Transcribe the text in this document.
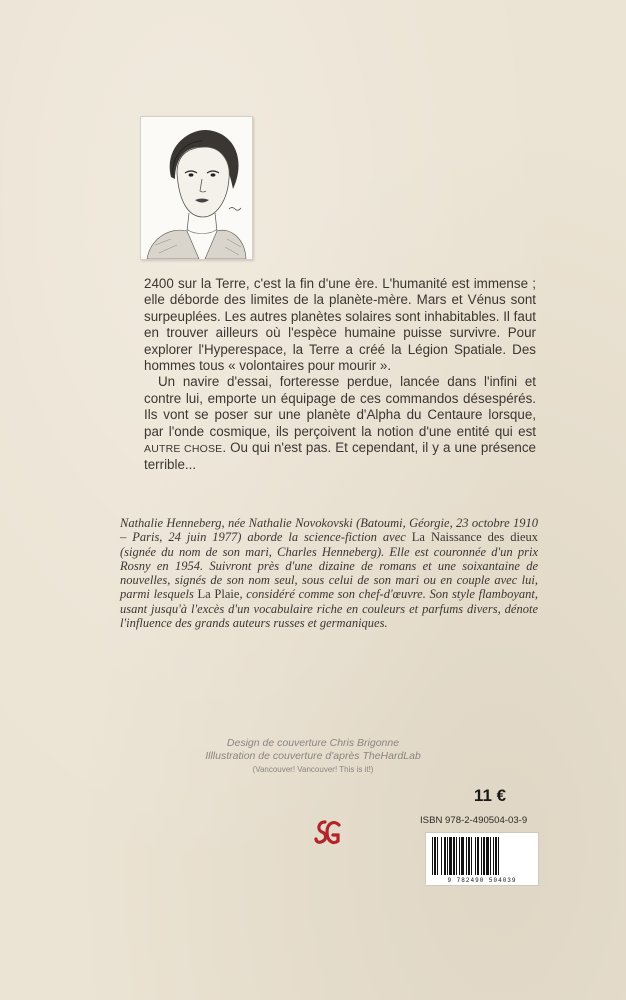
2400 sur la Terre, c'est la fin d'une ère. L'humanité est immense ; elle déborde des limites de la planète-mère. Mars et Vénus sont surpeuplées. Les autres planètes solaires sont inhabitables. Il faut en trouver ailleurs où l'espèce humaine puisse survivre. Pour explorer l'Hyperespace, la Terre a créé la Légion Spatiale. Des hommes tous « volontaires pour mourir ».

Un navire d'essai, forteresse perdue, lancée dans l'infini et contre lui, emporte un équipage de ces commandos désespérés. Ils vont se poser sur une planète d'Alpha du Centaure lorsque, par l'onde cosmique, ils perçoivent la notion d'une entité qui est AUTRE CHOSE. Ou qui n'est pas. Et cependant, il y a une présence terrible...

Nathalie Henneberg, née Nathalie Novokovski (Batoumi, Géorgie, 23 octobre 1910 – Paris, 24 juin 1977) aborde la science-fiction avec La Naissance des dieux (signée du nom de son mari, Charles Henneberg). Elle est couronnée d'un prix Rosny en 1954. Suivront près d'une dizaine de romans et une soixantaine de nouvelles, signés de son nom seul, sous celui de son mari ou en couple avec lui, parmi lesquels La Plaie, considéré comme son chef-d'œuvre. Son style flamboyant, usant jusqu'à l'excès d'un vocabulaire riche en couleurs et parfums divers, dénote l'influence des grands auteurs russes et germaniques.
Design de couverture Chris Brigonne
Illlustration de couverture d'après TheHardLab
(Vancouver! Vancouver! This is it!)
11 €
ISBN 978-2-490504-03-9
9 782490 504039
